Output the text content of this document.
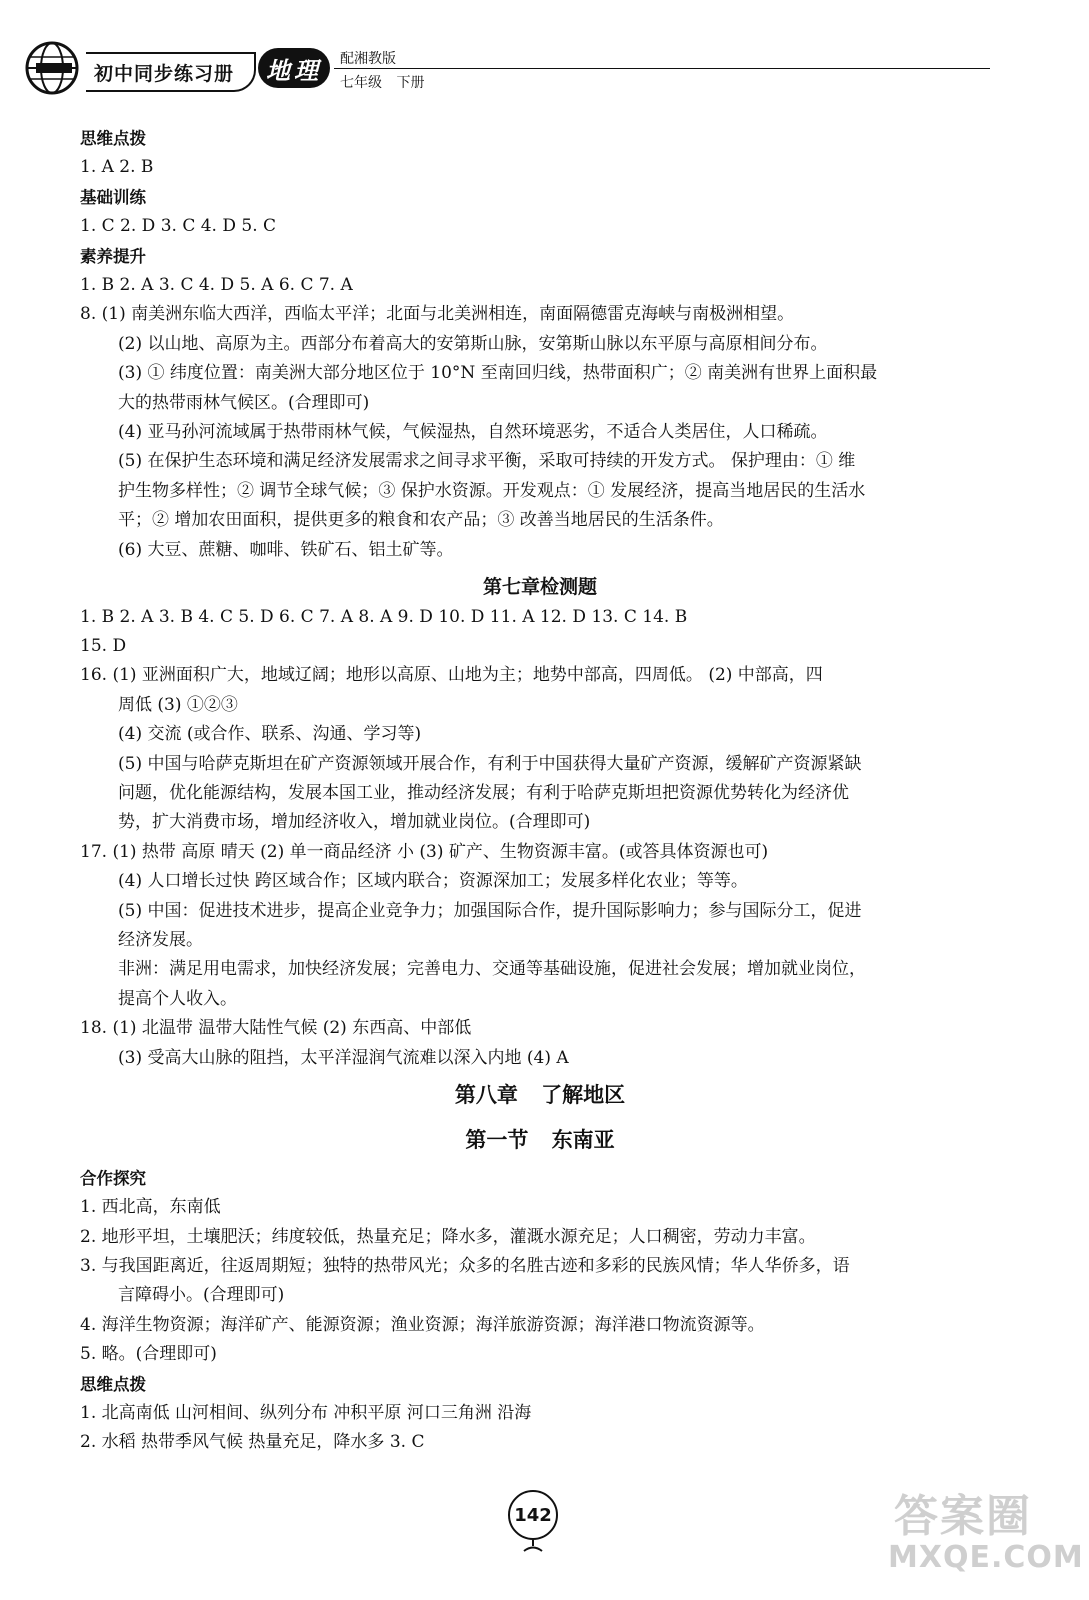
初中同步练习册	地理	配湘教版
七年级 下册
思维点拨
1. A 2. B
基础训练
1. C 2. D 3. C 4. D 5. C
素养提升
1. B 2. A 3. C 4. D 5. A 6. C 7. A
8. (1) 南美洲东临大西洋，西临太平洋；北面与北美洲相连，南面隔德雷克海峡与南极洲相望。
(2) 以山地、高原为主。西部分布着高大的安第斯山脉，安第斯山脉以东平原与高原相间分布。
(3) ① 纬度位置：南美洲大部分地区位于 10°N 至南回归线，热带面积广；② 南美洲有世界上面积最
大的热带雨林气候区。(合理即可)
(4) 亚马孙河流域属于热带雨林气候，气候湿热，自然环境恶劣，不适合人类居住，人口稀疏。
(5) 在保护生态环境和满足经济发展需求之间寻求平衡，采取可持续的开发方式。 保护理由：① 维
护生物多样性；② 调节全球气候；③ 保护水资源。开发观点：① 发展经济，提高当地居民的生活水
平；② 增加农田面积，提供更多的粮食和农产品；③ 改善当地居民的生活条件。
(6) 大豆、蔗糖、咖啡、铁矿石、铝土矿等。
第七章检测题
1. B 2. A 3. B 4. C 5. D 6. C 7. A 8. A 9. D 10. D 11. A 12. D 13. C 14. B
15. D
16. (1) 亚洲面积广大，地域辽阔；地形以高原、山地为主；地势中部高，四周低。 (2) 中部高，四
周低 (3) ①②③
(4) 交流 (或合作、联系、沟通、学习等)
(5) 中国与哈萨克斯坦在矿产资源领域开展合作，有利于中国获得大量矿产资源，缓解矿产资源紧缺
问题，优化能源结构，发展本国工业，推动经济发展；有利于哈萨克斯坦把资源优势转化为经济优
势，扩大消费市场，增加经济收入，增加就业岗位。(合理即可)
17. (1) 热带 高原 晴天 (2) 单一商品经济 小 (3) 矿产、生物资源丰富。(或答具体资源也可)
(4) 人口增长过快 跨区域合作；区域内联合；资源深加工；发展多样化农业；等等。
(5) 中国：促进技术进步，提高企业竞争力；加强国际合作，提升国际影响力；参与国际分工，促进
经济发展。
非洲：满足用电需求，加快经济发展；完善电力、交通等基础设施，促进社会发展；增加就业岗位，
提高个人收入。
18. (1) 北温带 温带大陆性气候 (2) 东西高、中部低
(3) 受高大山脉的阻挡，太平洋湿润气流难以深入内地 (4) A
第八章 了解地区
第一节 东南亚
合作探究
1. 西北高，东南低
2. 地形平坦，土壤肥沃；纬度较低，热量充足；降水多，灌溉水源充足；人口稠密，劳动力丰富。
3. 与我国距离近，往返周期短；独特的热带风光；众多的名胜古迹和多彩的民族风情；华人华侨多，语
言障碍小。(合理即可)
4. 海洋生物资源；海洋矿产、能源资源；渔业资源；海洋旅游资源；海洋港口物流资源等。
5. 略。(合理即可)
思维点拨
1. 北高南低 山河相间、纵列分布 冲积平原 河口三角洲 沿海
2. 水稻 热带季风气候 热量充足，降水多 3. C
142	答案圈
MXQE.COM
